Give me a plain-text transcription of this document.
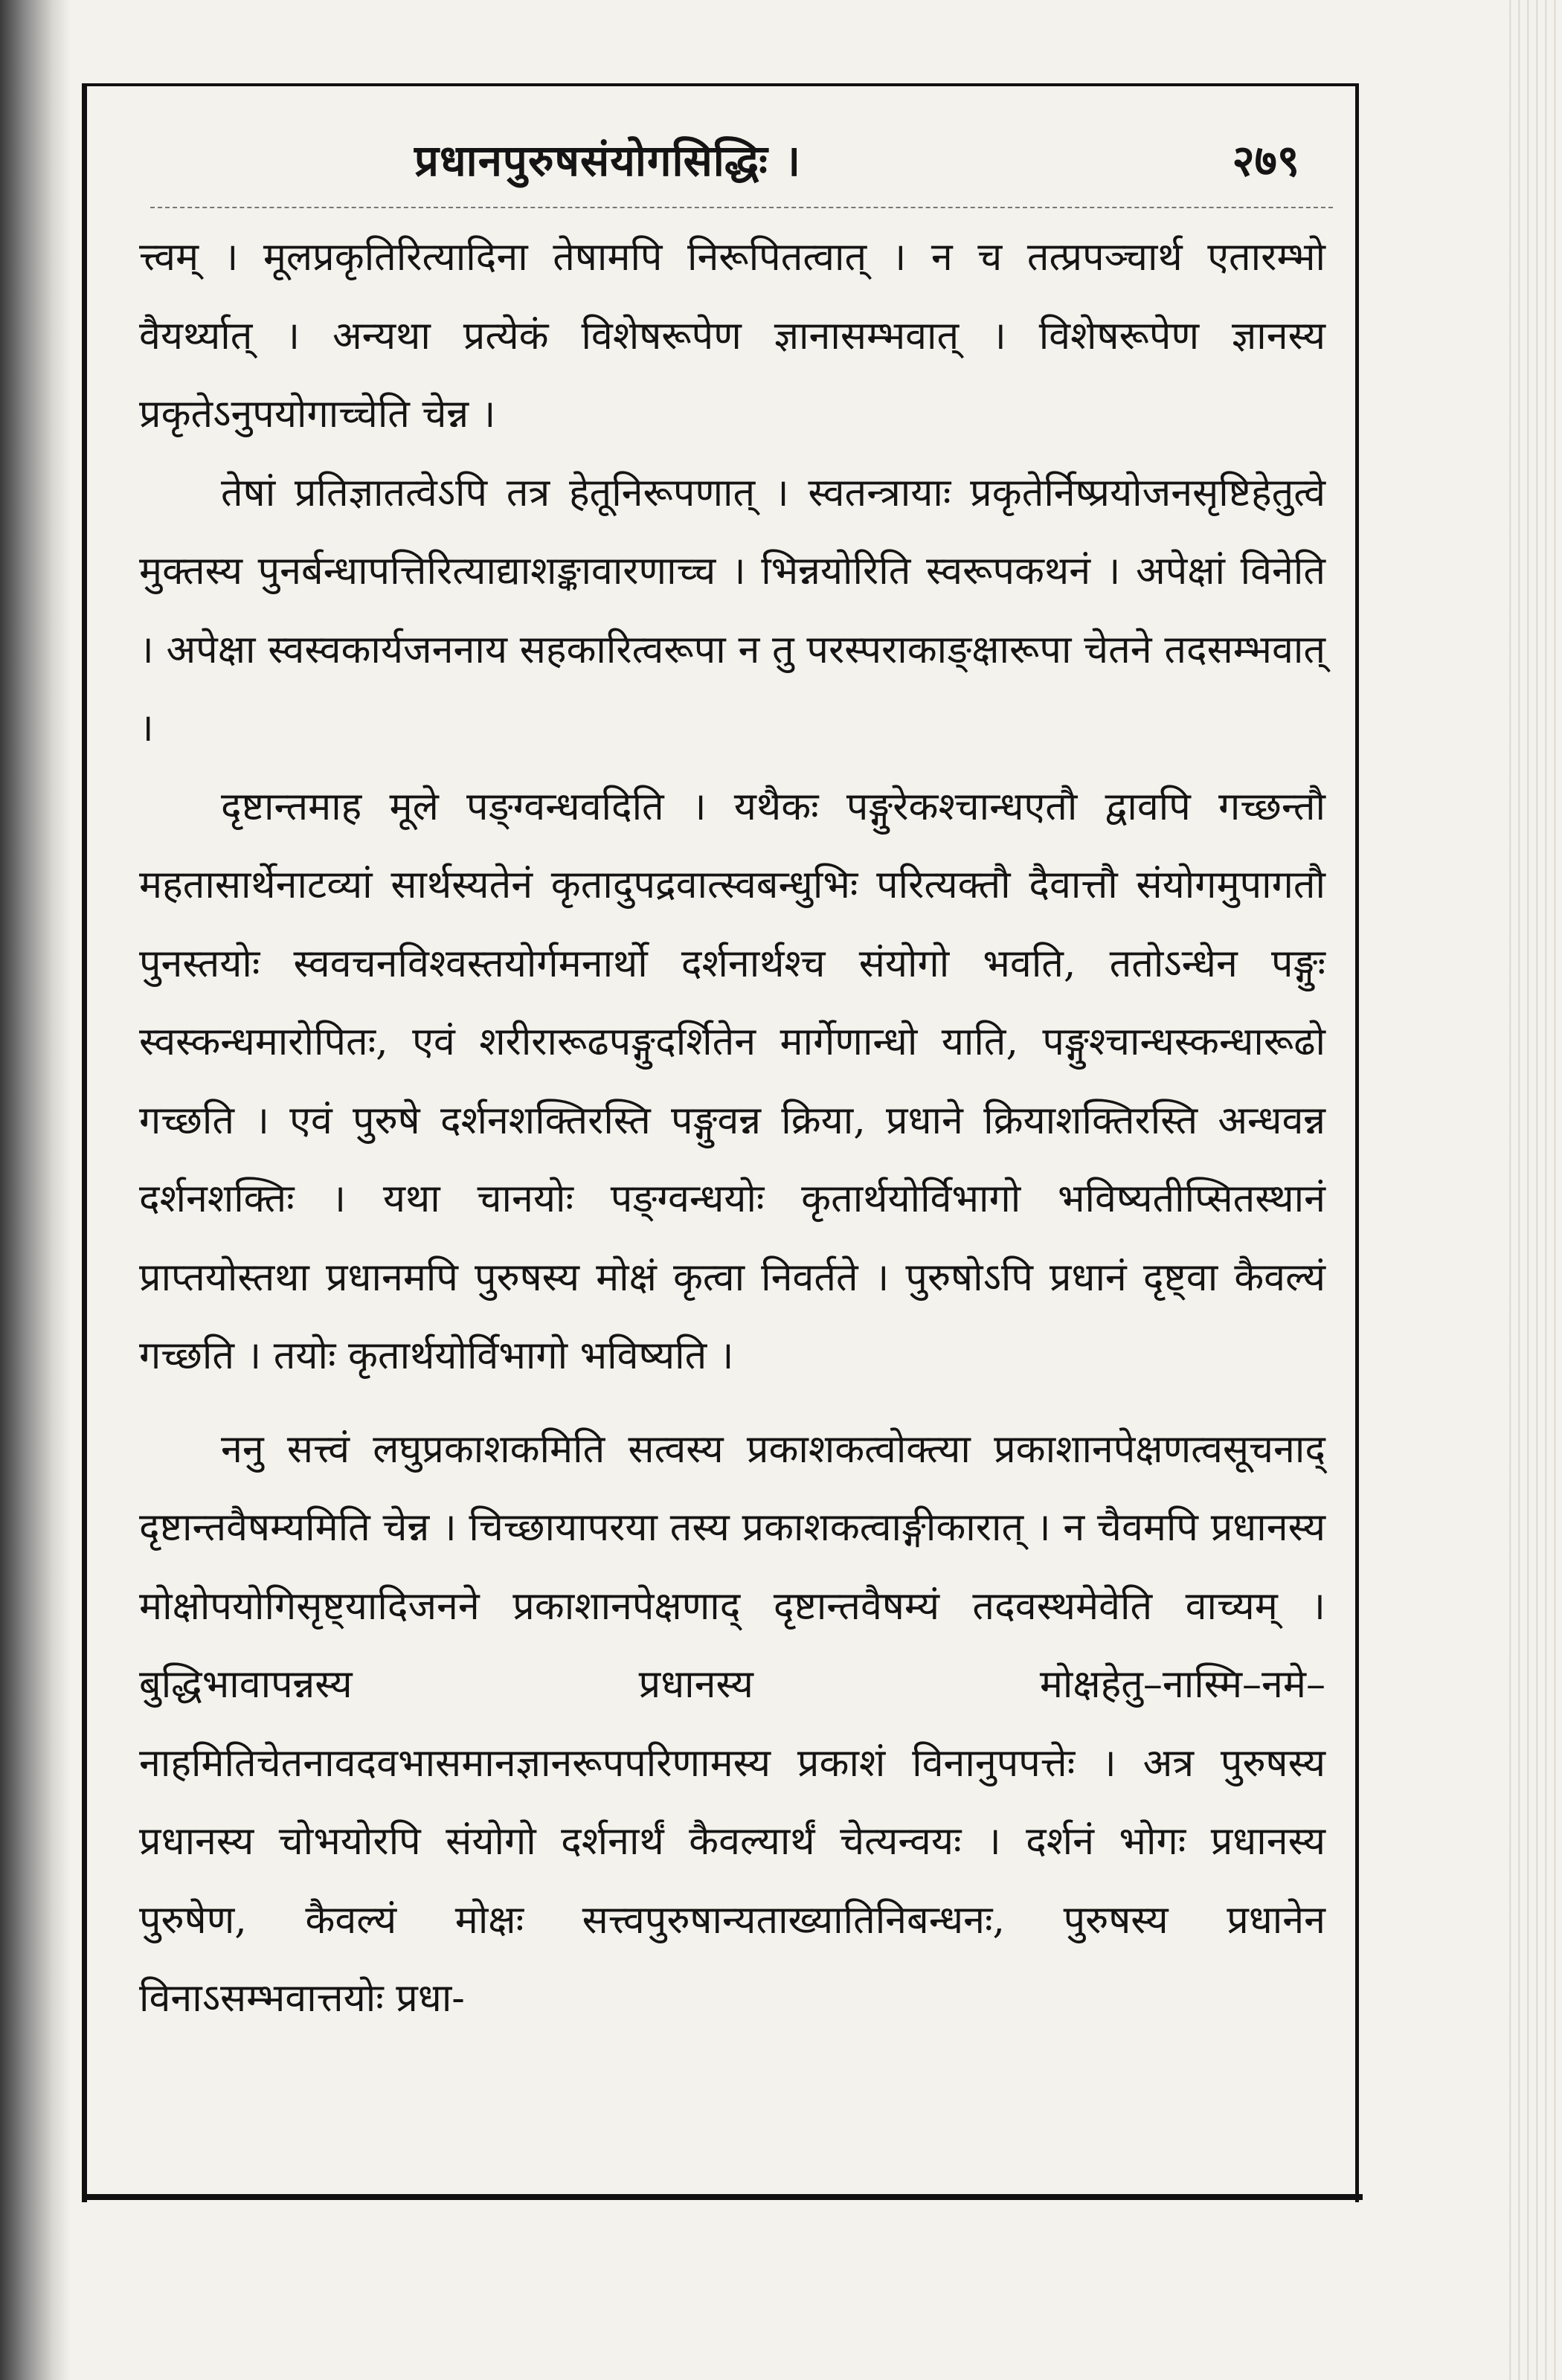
प्रधानपुरुषसंयोगसिद्धिः ।	२७९

त्त्वम् । मूलप्रकृतिरित्यादिना तेषामपि निरूपितत्वात् । न च तत्प्रपञ्चार्थ एतारम्भो वैयर्थ्यात् । अन्यथा प्रत्येकं विशेषरूपेण ज्ञानासम्भवात् । विशेषरूपेण ज्ञानस्य प्रकृतेऽनुपयोगाच्चेति चेन्न ।

तेषां प्रतिज्ञातत्वेऽपि तत्र हेतूनिरूपणात् । स्वतन्त्रायाः प्रकृतेर्निष्प्रयोजनसृष्टिहेतुत्वे मुक्तस्य पुनर्बन्धापत्तिरित्याद्याशङ्कावारणाच्च । भिन्नयोरिति स्वरूपकथनं । अपेक्षां विनेति । अपेक्षा स्वस्वकार्यजननाय सहकारित्वरूपा न तु परस्पराकाङ्क्षारूपा चेतने तदसम्भवात् ।

दृष्टान्तमाह मूले पङ्ग्वन्धवदिति । यथैकः पङ्गुरेकश्चान्धएतौ द्वावपि गच्छन्तौ महतासार्थेनाटव्यां सार्थस्यतेनं कृतादुपद्रवात्स्वबन्धुभिः परित्यक्तौ दैवात्तौ संयोगमुपागतौ पुनस्तयोः स्ववचनविश्वस्तयोर्गमनार्थो दर्शनार्थश्च संयोगो भवति, ततोऽन्धेन पङ्गुः स्वस्कन्धमारोपितः, एवं शरीरारूढपङ्गुदर्शितेन मार्गेणान्धो याति, पङ्गुश्चान्धस्कन्धारूढो गच्छति । एवं पुरुषे दर्शनशक्तिरस्ति पङ्गुवन्न क्रिया, प्रधाने क्रियाशक्तिरस्ति अन्धवन्न दर्शनशक्तिः । यथा चानयोः पङ्ग्वन्धयोः कृतार्थयोर्विभागो भविष्यतीप्सितस्थानं प्राप्तयोस्तथा प्रधानमपि पुरुषस्य मोक्षं कृत्वा निवर्तते । पुरुषोऽपि प्रधानं दृष्ट्वा कैवल्यं गच्छति । तयोः कृतार्थयोर्विभागो भविष्यति ।

ननु सत्त्वं लघुप्रकाशकमिति सत्वस्य प्रकाशकत्वोक्त्या प्रकाशानपेक्षणत्वसूचनाद् दृष्टान्तवैषम्यमिति चेन्न । चिच्छायापरया तस्य प्रकाशकत्वाङ्गीकारात् । न चैवमपि प्रधानस्य मोक्षोपयोगिसृष्ट्यादिजनने प्रकाशानपेक्षणाद् दृष्टान्तवैषम्यं तदवस्थमेवेति वाच्यम् । बुद्धिभावापन्नस्य प्रधानस्य मोक्षहेतु–नास्मि–नमे–नाहमितिचेतनावदवभासमानज्ञानरूपपरिणामस्य प्रकाशं विनानुपपत्तेः । अत्र पुरुषस्य प्रधानस्य चोभयोरपि संयोगो दर्शनार्थं कैवल्यार्थं चेत्यन्वयः । दर्शनं भोगः प्रधानस्य पुरुषेण, कैवल्यं मोक्षः सत्त्वपुरुषान्यताख्यातिनिबन्धनः, पुरुषस्य प्रधानेन विनाऽसम्भवात्तयोः प्रधा-
